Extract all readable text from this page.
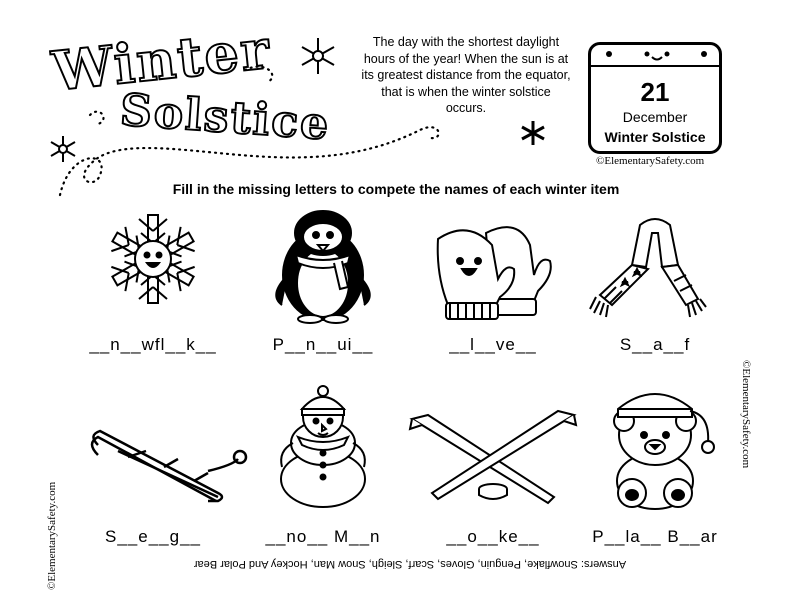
Winter
Solstice
The day with the shortest daylight hours of the year! When the sun is at its greatest distance from the equator, that is when the winter solstice occurs.
21
December
Winter Solstice
©ElementarySafety.com
Fill in the missing letters to compete the names of each winter item
__n__wfl__k__	P__n__ui__	__l__ve__	S__a__f
S__e__g__	__no__ M__n	__o__ke__	P__la__ B__ar
Answers: Snowflake, Penguin, Gloves, Scarf, Sleigh, Snow Man, Hockey And Polar Bear
©ElementarySafety.com
©ElementarySafety.com
